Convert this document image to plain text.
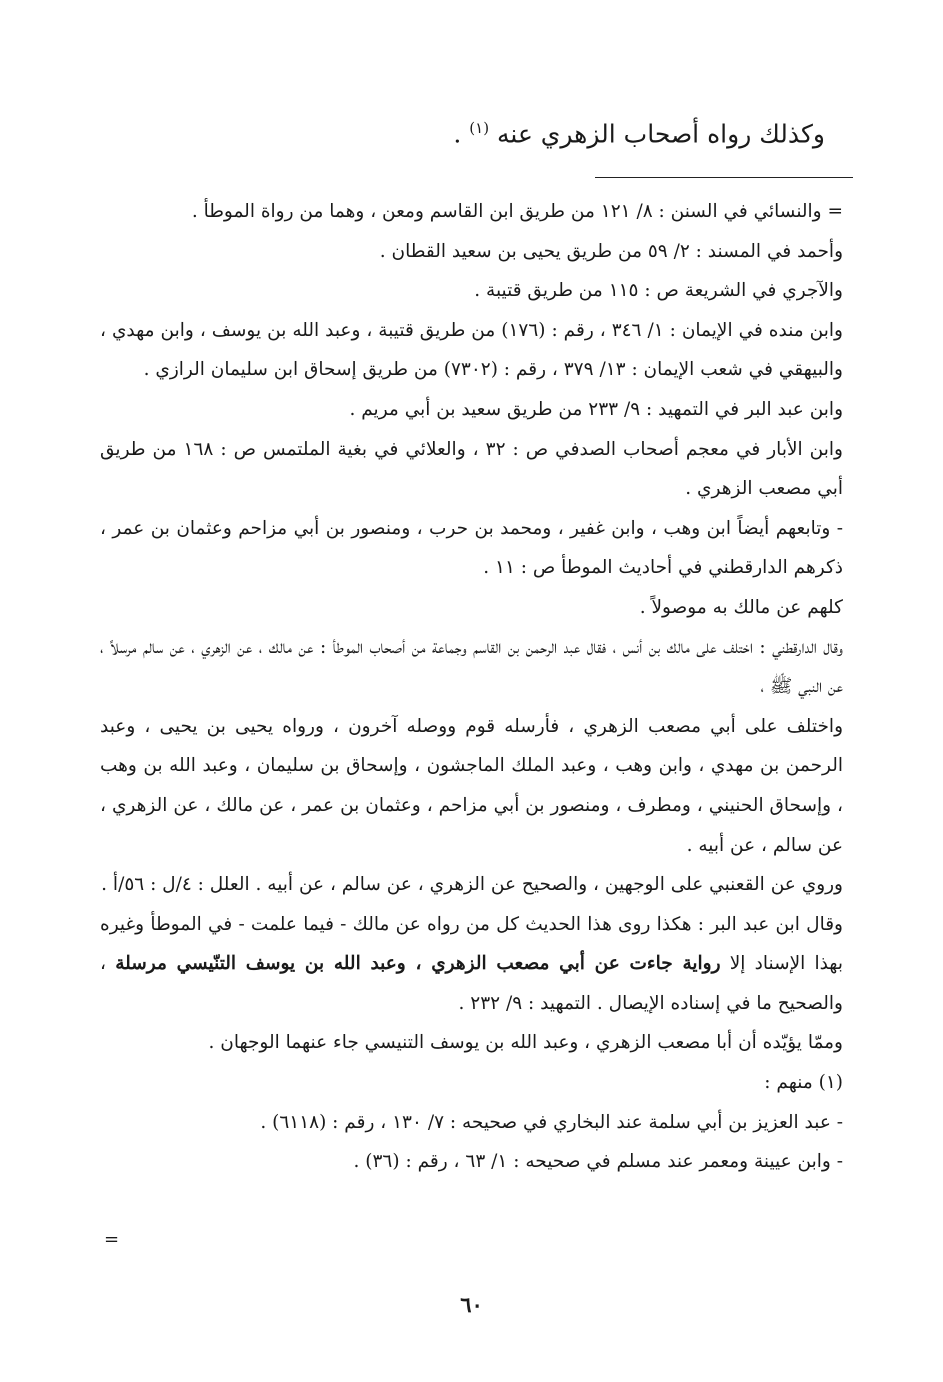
وكذلك رواه أصحاب الزهري عنه $^{(١)}$ .

= والنسائي في السنن : ٨/ ١٢١ من طريق ابن القاسم ومعن ، وهما من رواة الموطأ .

وأحمد في المسند : ٢/ ٥٩ من طريق يحيى بن سعيد القطان .

والآجري في الشريعة ص : ١١٥ من طريق قتيبة .

وابن منده في الإيمان : ١/ ٣٤٦ ، رقم : (١٧٦) من طريق قتيبة ، وعبد الله بن يوسف ، وابن مهدي ، والبيهقي في شعب الإيمان : ١٣/ ٣٧٩ ، رقم : (٧٣٠٢) من طريق إسحاق ابن سليمان الرازي .

وابن عبد البر في التمهيد : ٩/ ٢٣٣ من طريق سعيد بن أبي مريم .

وابن الأبار في معجم أصحاب الصدفي ص : ٣٢ ، والعلائي في بغية الملتمس ص : ١٦٨ من طريق أبي مصعب الزهري .

- وتابعهم أيضاً ابن وهب ، وابن غفير ، ومحمد بن حرب ، ومنصور بن أبي مزاحم وعثمان بن عمر ، ذكرهم الدارقطني في أحاديث الموطأ ص : ١١ .

كلهم عن مالك به موصولاً .

وقال الدارقطني : اختلف على مالك بن أنس ، فقال عبد الرحمن بن القاسم وجماعة من أصحاب الموطأ : عن مالك ، عن الزهري ، عن سالم مرسلاً ، عن النبي ﷺ ،

واختلف على أبي مصعب الزهري ، فأرسله قوم ووصله آخرون ، ورواه يحيى بن يحيى ، وعبد الرحمن بن مهدي ، وابن وهب ، وعبد الملك الماجشون ، وإسحاق بن سليمان ، وعبد الله بن وهب ، وإسحاق الحنيني ، ومطرف ، ومنصور بن أبي مزاحم ، وعثمان بن عمر ، عن مالك ، عن الزهري ، عن سالم ، عن أبيه .

وروي عن القعنبي على الوجهين ، والصحيح عن الزهري ، عن سالم ، عن أبيه . العلل : ٤/ل : ٥٦/أ .

وقال ابن عبد البر : هكذا روى هذا الحديث كل من رواه عن مالك - فيما علمت - في الموطأ وغيره بهذا الإسناد إلا رواية جاءت عن أبي مصعب الزهري ، وعبد الله بن يوسف التنّيسي مرسلة ، والصحيح ما في إسناده الإيصال . التمهيد : ٩/ ٢٣٢ .

وممّا يؤيّده أن أبا مصعب الزهري ، وعبد الله بن يوسف التنيسي جاء عنهما الوجهان .

(١) منهم :

- عبد العزيز بن أبي سلمة عند البخاري في صحيحه : ٧/ ١٣٠ ، رقم : (٦١١٨) .

- وابن عيينة ومعمر عند مسلم في صحيحه : ١/ ٦٣ ، رقم : (٣٦) .

=
٦٠
